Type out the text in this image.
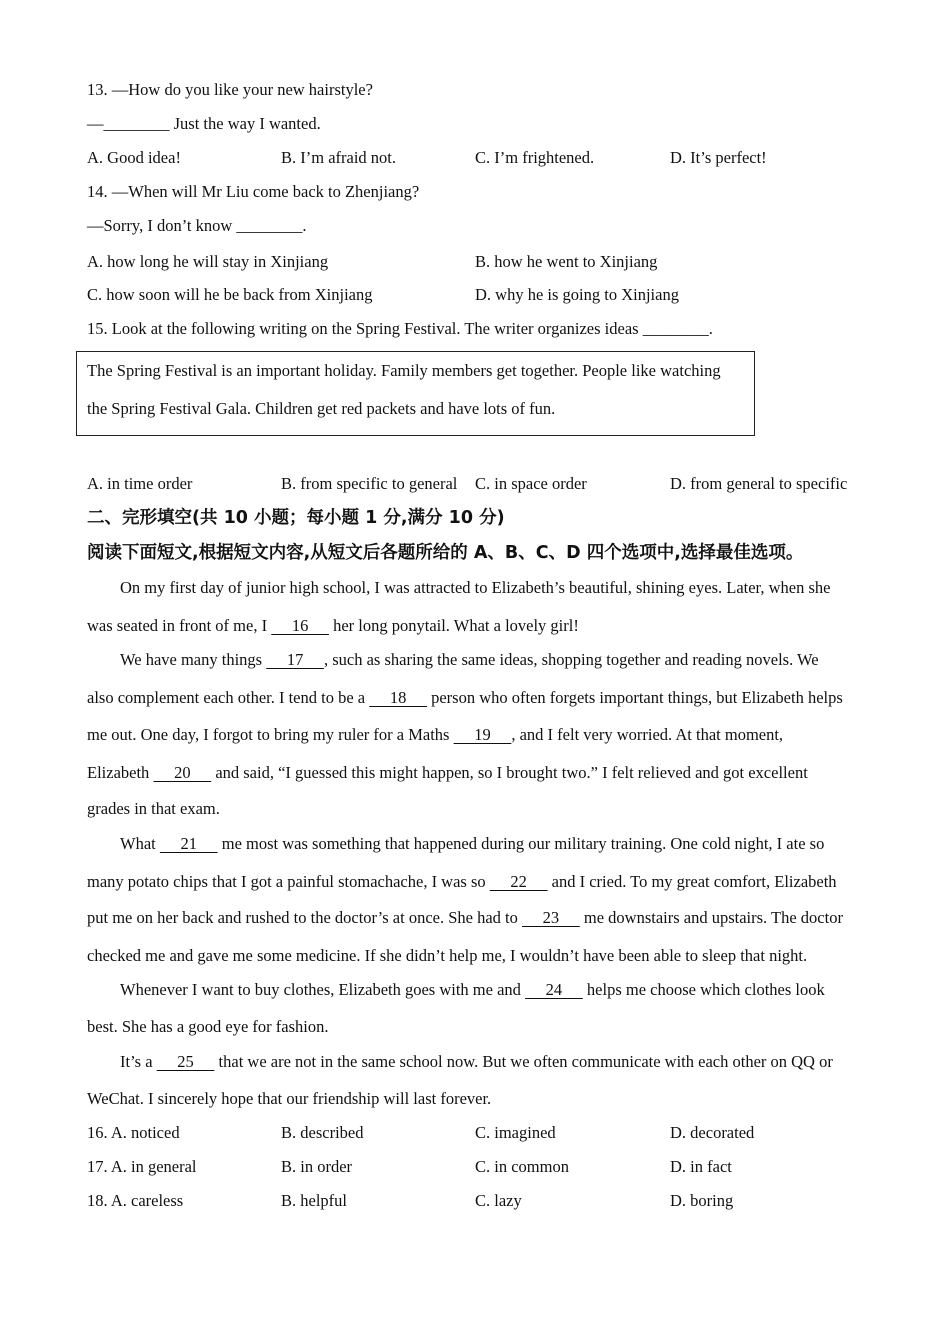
13. —How do you like your new hairstyle?
—________ Just the way I wanted.
A. Good idea!	B. I’m afraid not.	C. I’m frightened.	D. It’s perfect!
14. —When will Mr Liu come back to Zhenjiang?
—Sorry, I don’t know ________.
A. how long he will stay in Xinjiang	B. how he went to Xinjiang
C. how soon will he be back from Xinjiang	D. why he is going to Xinjiang
15. Look at the following writing on the Spring Festival. The writer organizes ideas ________.
The Spring Festival is an important holiday. Family members get together. People like watching
the Spring Festival Gala. Children get red packets and have lots of fun.
A. in time order	B. from specific to general C. in space order	D. from general to specific
二、完形填空(共 10 小题；每小题 1 分,满分 10 分)
阅读下面短文,根据短文内容,从短文后各题所给的 A、B、C、D 四个选项中,选择最佳选项。
On my first day of junior high school, I was attracted to Elizabeth’s beautiful, shining eyes. Later, when she
was seated in front of me, I      16      her long ponytail. What a lovely girl!
We have many things      17     , such as sharing the same ideas, shopping together and reading novels. We
also complement each other. I tend to be a      18      person who often forgets important things, but Elizabeth helps
me out. One day, I forgot to bring my ruler for a Maths      19     , and I felt very worried. At that moment,
Elizabeth      20      and said, “I guessed this might happen, so I brought two.” I felt relieved and got excellent
grades in that exam.
What      21      me most was something that happened during our military training. One cold night, I ate so
many potato chips that I got a painful stomachache, I was so      22      and I cried. To my great comfort, Elizabeth
put me on her back and rushed to the doctor’s at once. She had to      23      me downstairs and upstairs. The doctor
checked me and gave me some medicine. If she didn’t help me, I wouldn’t have been able to sleep that night.
Whenever I want to buy clothes, Elizabeth goes with me and      24      helps me choose which clothes look
best. She has a good eye for fashion.
It’s a      25      that we are not in the same school now. But we often communicate with each other on QQ or
WeChat. I sincerely hope that our friendship will last forever.
16. A. noticed	B. described	C. imagined	D. decorated
17. A. in general	B. in order	C. in common	D. in fact
18. A. careless	B. helpful	C. lazy	D. boring
